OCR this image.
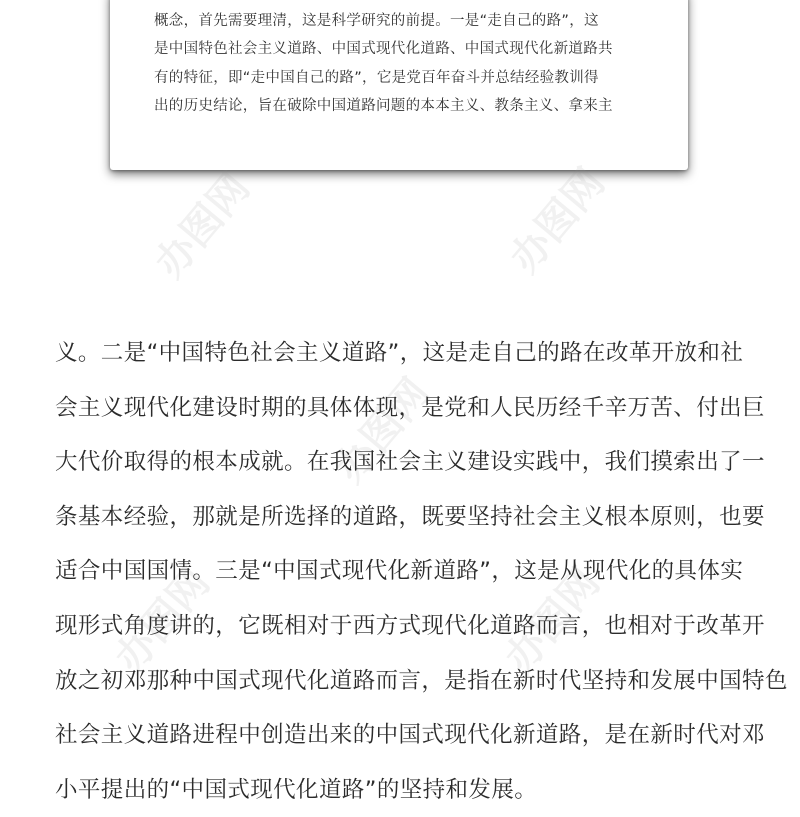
概念，首先需要理清，这是科学研究的前提。一是“走自己的路”，这
是中国特色社会主义道路、中国式现代化道路、中国式现代化新道路共
有的特征，即“走中国自己的路”，它是党百年奋斗并总结经验教训得
出的历史结论，旨在破除中国道路问题的本本主义、教条主义、拿来主
办图网	办图网
办图网
办图网	办图网
义。二是“中国特色社会主义道路”，这是走自己的路在改革开放和社
会主义现代化建设时期的具体体现，是党和人民历经千辛万苦、付出巨
大代价取得的根本成就。在我国社会主义建设实践中，我们摸索出了一
条基本经验，那就是所选择的道路，既要坚持社会主义根本原则，也要
适合中国国情。三是“中国式现代化新道路”，这是从现代化的具体实
现形式角度讲的，它既相对于西方式现代化道路而言，也相对于改革开
放之初邓那种中国式现代化道路而言，是指在新时代坚持和发展中国特色
社会主义道路进程中创造出来的中国式现代化新道路，是在新时代对邓
小平提出的“中国式现代化道路”的坚持和发展。
